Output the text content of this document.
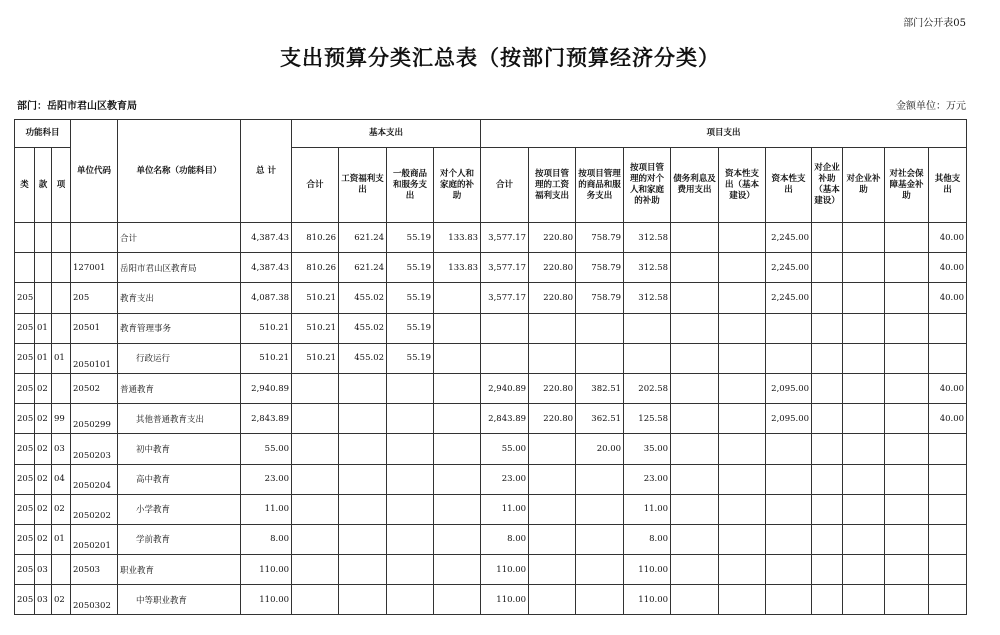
部门公开表05
支出预算分类汇总表（按部门预算经济分类）
部门：岳阳市君山区教育局	金额单位：万元
功能科目			单位代码	单位名称（功能科目）	总 计	基本支出				项目支出										
类	款	项				合计	工资福利支出	一般商品和服务支出	对个人和家庭的补助	合计	按项目管理的工资福利支出	按项目管理的商品和服务支出	按项目管理的对个人和家庭的补助	债务利息及费用支出	资本性支出（基本建设）	资本性支出	对企业补助（基本建设）	对企业补助	对社会保障基金补助	其他支出
				合计	4,387.43	810.26	621.24	55.19	133.83	3,577.17	220.80	758.79	312.58			2,245.00				40.00
			127001	岳阳市君山区教育局	4,387.43	810.26	621.24	55.19	133.83	3,577.17	220.80	758.79	312.58			2,245.00				40.00
205			205	教育支出	4,087.38	510.21	455.02	55.19		3,577.17	220.80	758.79	312.58			2,245.00				40.00
205	01		20501	教育管理事务	510.21	510.21	455.02	55.19												
205	01	01	2050101	行政运行	510.21	510.21	455.02	55.19												
205	02		20502	普通教育	2,940.89					2,940.89	220.80	382.51	202.58			2,095.00				40.00
205	02	99	2050299	其他普通教育支出	2,843.89					2,843.89	220.80	362.51	125.58			2,095.00				40.00
205	02	03	2050203	初中教育	55.00					55.00		20.00	35.00							
205	02	04	2050204	高中教育	23.00					23.00			23.00							
205	02	02	2050202	小学教育	11.00					11.00			11.00							
205	02	01	2050201	学前教育	8.00					8.00			8.00							
205	03		20503	职业教育	110.00					110.00			110.00							
205	03	02	2050302	中等职业教育	110.00					110.00			110.00							
